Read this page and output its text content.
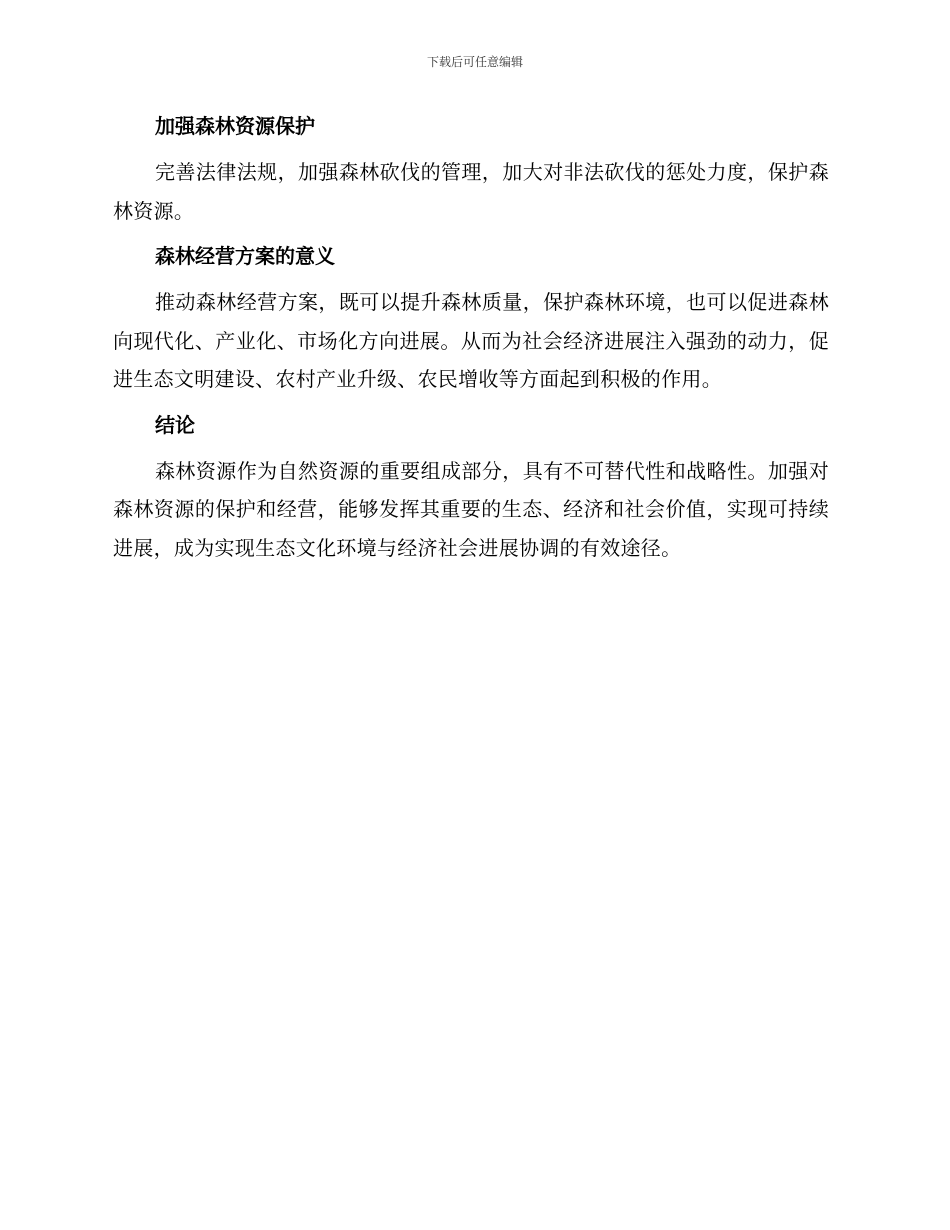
下载后可任意编辑
加强森林资源保护

完善法律法规，加强森林砍伐的管理，加大对非法砍伐的惩处力度，保护森林资源。

森林经营方案的意义

推动森林经营方案，既可以提升森林质量，保护森林环境，也可以促进森林向现代化、产业化、市场化方向进展。从而为社会经济进展注入强劲的动力，促进生态文明建设、农村产业升级、农民增收等方面起到积极的作用。

结论

森林资源作为自然资源的重要组成部分，具有不可替代性和战略性。加强对森林资源的保护和经营，能够发挥其重要的生态、经济和社会价值，实现可持续进展，成为实现生态文化环境与经济社会进展协调的有效途径。
